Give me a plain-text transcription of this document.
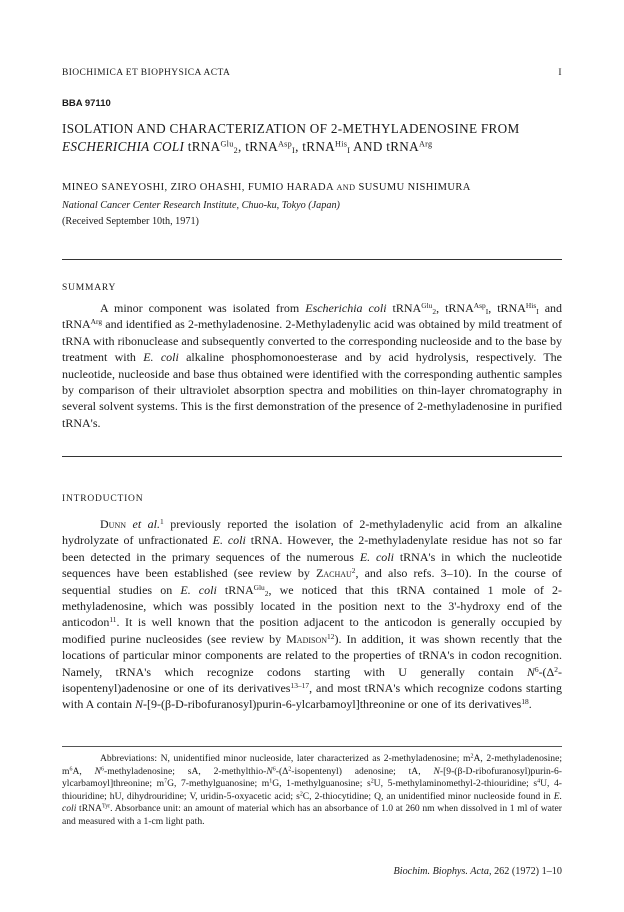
BIOCHIMICA ET BIOPHYSICA ACTA	I
BBA 97110
ISOLATION AND CHARACTERIZATION OF 2-METHYLADENOSINE FROM
ESCHERICHIA COLI tRNA$^{Glu}_2$, tRNA$^{Asp}_I$, tRNA$^{His}_I$ AND tRNA$^{Arg}$
MINEO SANEYOSHI, ZIRO OHASHI, FUMIO HARADA AND SUSUMU NISHIMURA
National Cancer Center Research Institute, Chuo-ku, Tokyo (Japan)
(Received September 10th, 1971)
SUMMARY
A minor component was isolated from Escherichia coli tRNA$^{Glu}_2$, tRNA$^{Asp}_I$, tRNA$^{His}_I$ and tRNA$^{Arg}$ and identified as 2-methyladenosine. 2-Methyladenylic acid was obtained by mild treatment of tRNA with ribonuclease and subsequently converted to the corresponding nucleoside and to the base by treatment with E. coli alkaline phosphomonoesterase and by acid hydrolysis, respectively. The nucleotide, nucleoside and base thus obtained were identified with the corresponding authentic samples by comparison of their ultraviolet absorption spectra and mobilities on thin-layer chromatography in several solvent systems. This is the first demonstration of the presence of 2-methyladenosine in purified tRNA's.
INTRODUCTION
Dunn et al.$^1$ previously reported the isolation of 2-methyladenylic acid from an alkaline hydrolyzate of unfractionated E. coli tRNA. However, the 2-methyladenylate residue has not so far been detected in the primary sequences of the numerous E. coli tRNA's in which the nucleotide sequences have been established (see review by Zachau$^2$, and also refs. 3–10). In the course of sequential studies on E. coli tRNA$^{Glu}_2$, we noticed that this tRNA contained 1 mole of 2-methyladenosine, which was possibly located in the position next to the 3'-hydroxy end of the anticodon$^{11}$. It is well known that the position adjacent to the anticodon is generally occupied by modified purine nucleosides (see review by Madison$^{12}$). In addition, it was shown recently that the locations of particular minor components are related to the properties of tRNA's in codon recognition. Namely, tRNA's which recognize codons starting with U generally contain $N^6-(\Delta^2-isopentenyl)adenosine$ or one of its derivatives$^{13-17}$, and most tRNA's which recognize codons starting with A contain N-[9-(β-D-ribofuranosyl)purin-6-ylcarbamoyl]threonine or one of its derivatives$^{18}$.
Abbreviations: N, unidentified minor nucleoside, later characterized as 2-methyladenosine; $m^2A$, 2-methyladenosine; $m^6A$, $N^6$-methyladenosine; sA, $2-methylthio-N^6-(\Delta^2-isopentenyl)$ adenosine; tA, N-[9-(β-D-ribofuranosyl)purin-6-ylcarbamoyl]threonine; $m^7G$, 7-methylguanosine; $m^1G$, 1-methylguanosine; $s^2U$, 5-methylaminomethyl-2-thiouridine; $s^4U$, 4-thiouridine; hU, dihydrouridine; V, uridin-5-oxyacetic acid; $s^2C$, 2-thiocytidine; Q, an unidentified minor nucleoside found in E. coli tRNA$^{Tyr}$. Absorbance unit: an amount of material which has an absorbance of 1.0 at 260 nm when dissolved in 1 ml of water and measured with a 1-cm light path.
Biochim. Biophys. Acta, 262 (1972) 1–10
